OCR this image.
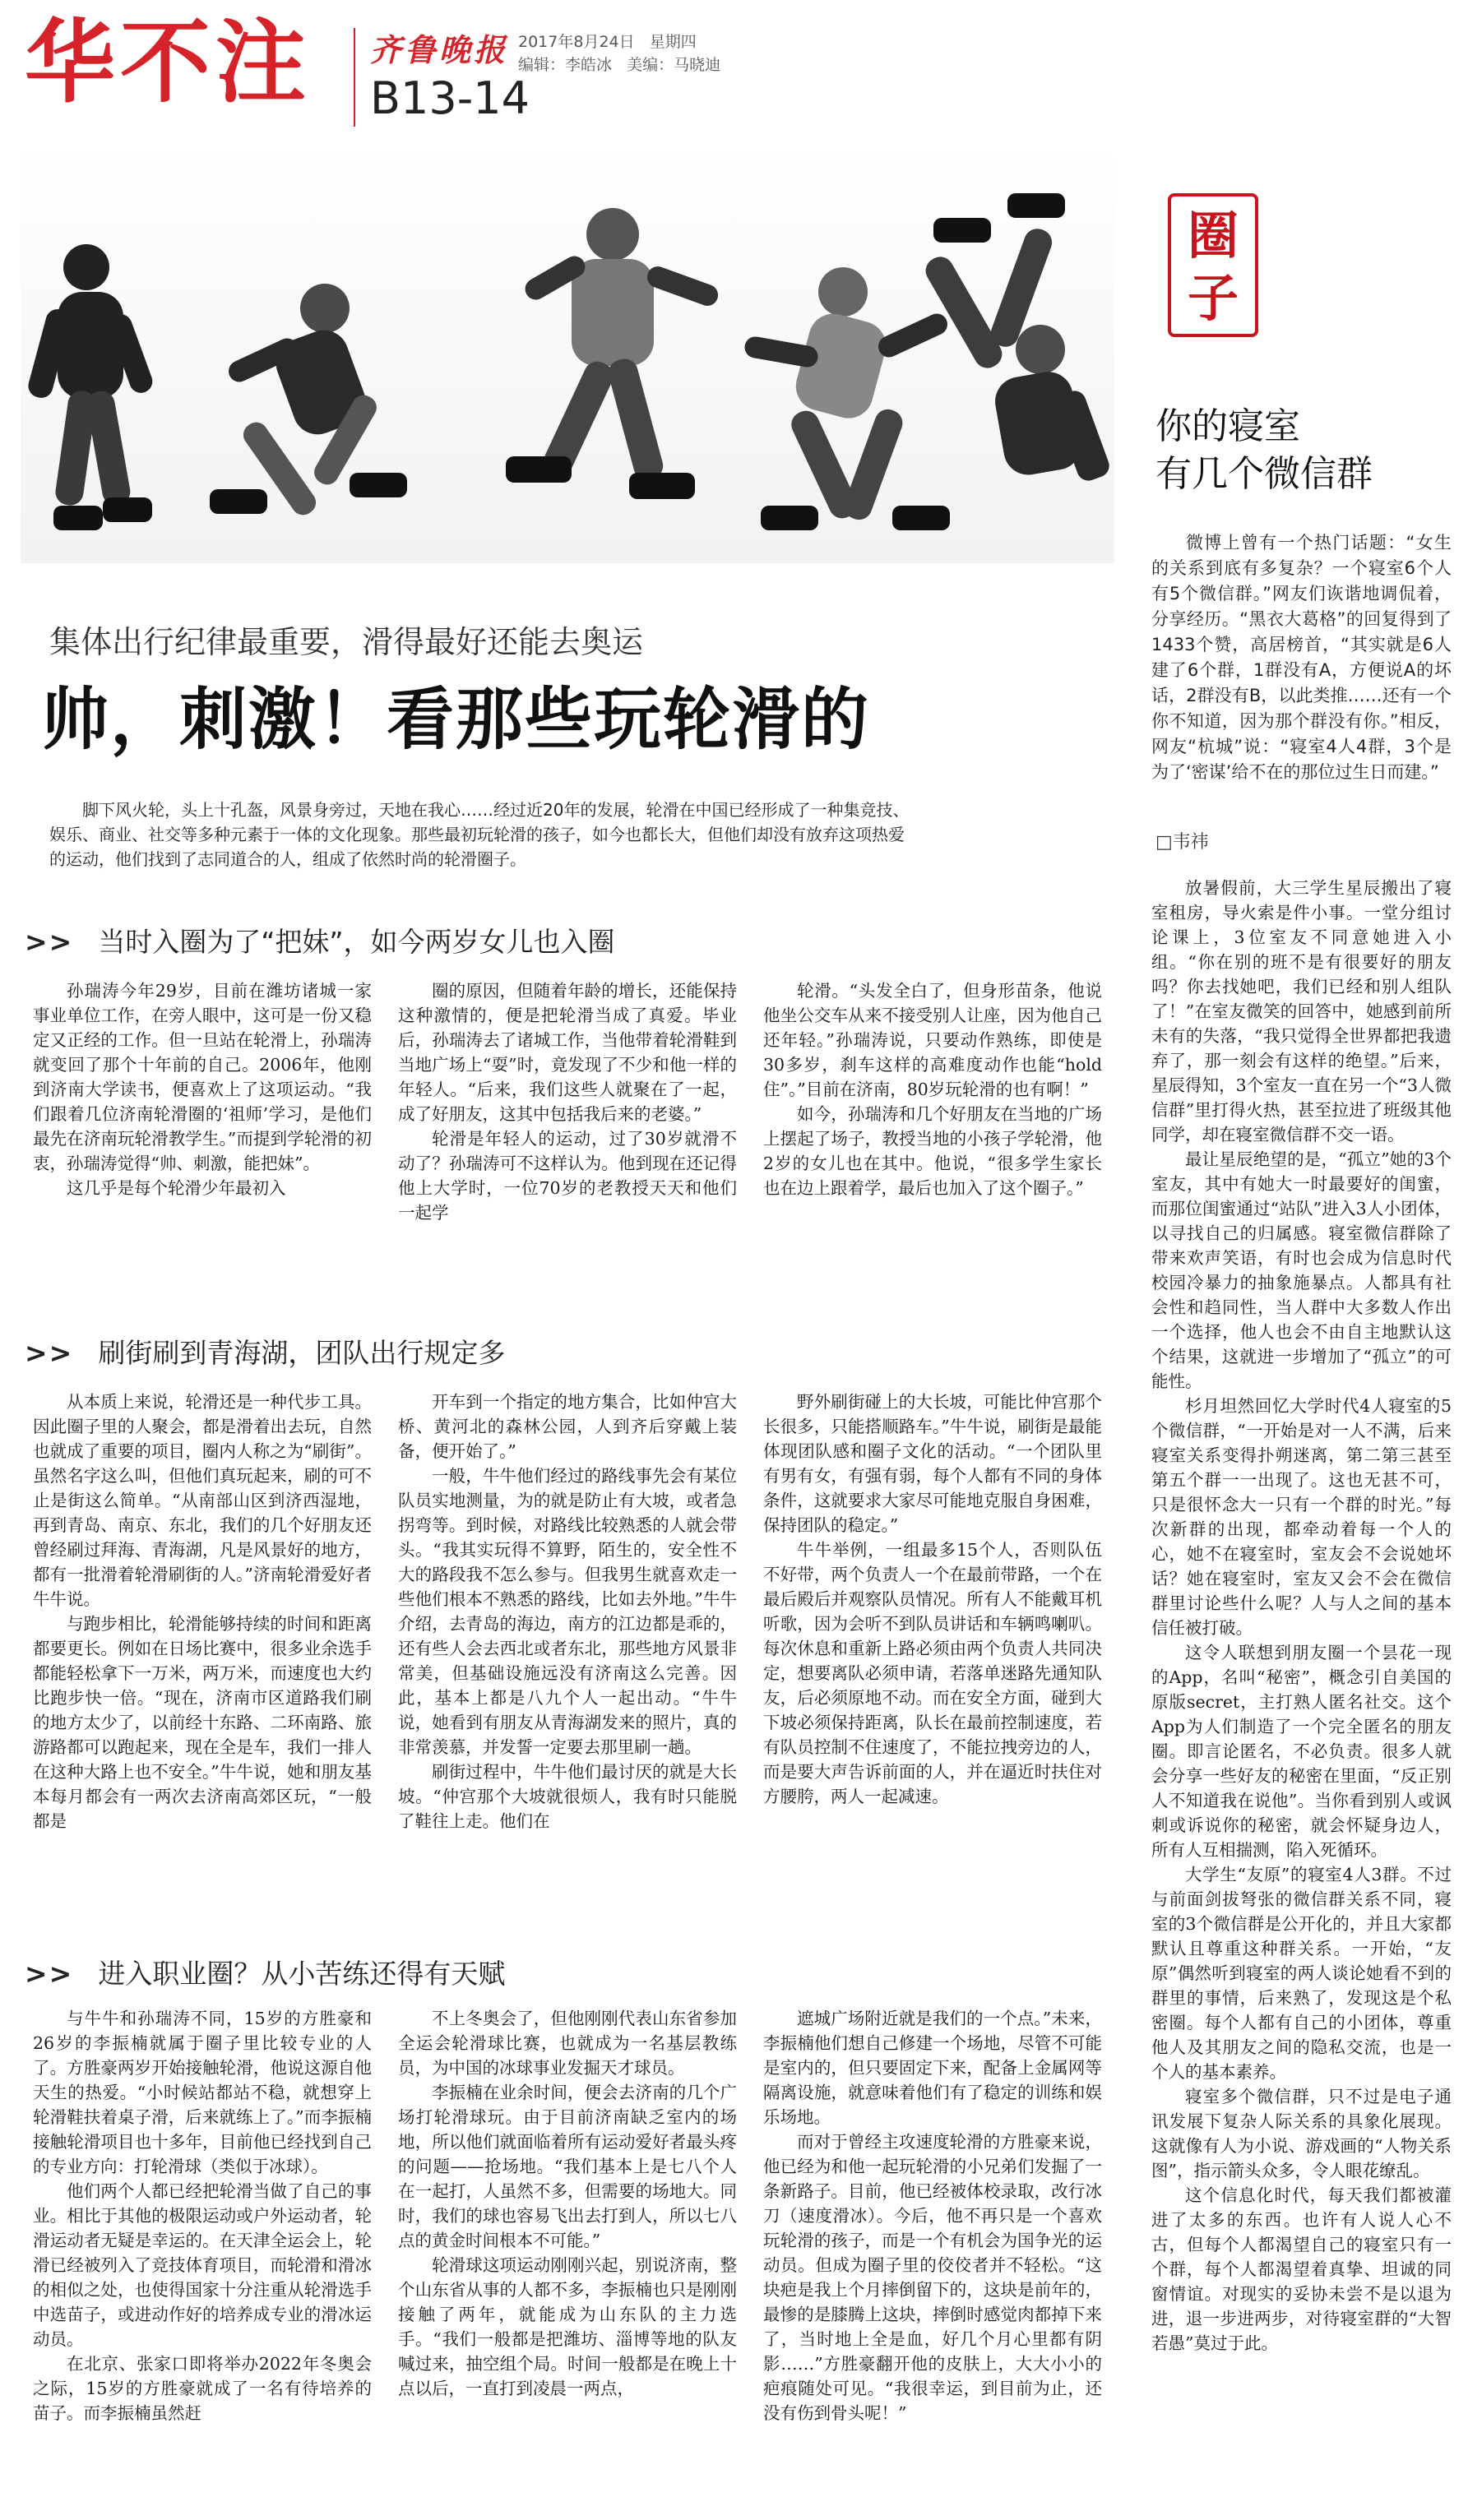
华不注 齐鲁晚报 2017年8月24日 星期四
编辑：李皓冰 美编：马晓迪
B13-14
集体出行纪律最重要，滑得最好还能去奥运
帅，刺激！看那些玩轮滑的

脚下风火轮，头上十孔盔，风景身旁过，天地在我心……经过近20年的发展，轮滑在中国已经形成了一种集竞技、娱乐、商业、社交等多种元素于一体的文化现象。那些最初玩轮滑的孩子，如今也都长大，但他们却没有放弃这项热爱的运动，他们找到了志同道合的人，组成了依然时尚的轮滑圈子。

>> 当时入圈为了“把妹”，如今两岁女儿也入圈

孙瑞涛今年29岁，目前在潍坊诸城一家事业单位工作，在旁人眼中，这可是一份又稳定又正经的工作。但一旦站在轮滑上，孙瑞涛就变回了那个十年前的自己。2006年，他刚到济南大学读书，便喜欢上了这项运动。“我们跟着几位济南轮滑圈的‘祖师’学习，是他们最先在济南玩轮滑教学生。”而提到学轮滑的初衷，孙瑞涛觉得“帅、刺激，能把妹”。

这几乎是每个轮滑少年最初入

圈的原因，但随着年龄的增长，还能保持这种激情的，便是把轮滑当成了真爱。毕业后，孙瑞涛去了诸城工作，当他带着轮滑鞋到当地广场上“耍”时，竟发现了不少和他一样的年轻人。“后来，我们这些人就聚在了一起，成了好朋友，这其中包括我后来的老婆。”

轮滑是年轻人的运动，过了30岁就滑不动了？孙瑞涛可不这样认为。他到现在还记得他上大学时，一位70岁的老教授天天和他们一起学

轮滑。“头发全白了，但身形苗条，他说他坐公交车从来不接受别人让座，因为他自己还年轻。”孙瑞涛说，只要动作熟练，即使是30多岁，刹车这样的高难度动作也能“hold住”。”目前在济南，80岁玩轮滑的也有啊！”

如今，孙瑞涛和几个好朋友在当地的广场上摆起了场子，教授当地的小孩子学轮滑，他2岁的女儿也在其中。他说，“很多学生家长也在边上跟着学，最后也加入了这个圈子。”

>> 刷街刷到青海湖，团队出行规定多

从本质上来说，轮滑还是一种代步工具。因此圈子里的人聚会，都是滑着出去玩，自然也就成了重要的项目，圈内人称之为“刷街”。虽然名字这么叫，但他们真玩起来，刷的可不止是街这么简单。“从南部山区到济西湿地，再到青岛、南京、东北，我们的几个好朋友还曾经刷过拜海、青海湖，凡是风景好的地方，都有一批滑着轮滑刷街的人。”济南轮滑爱好者牛牛说。

与跑步相比，轮滑能够持续的时间和距离都要更长。例如在日场比赛中，很多业余选手都能轻松拿下一万米，两万米，而速度也大约比跑步快一倍。“现在，济南市区道路我们刷的地方太少了，以前经十东路、二环南路、旅游路都可以跑起来，现在全是车，我们一排人在这种大路上也不安全。”牛牛说，她和朋友基本每月都会有一两次去济南高郊区玩，“一般都是

开车到一个指定的地方集合，比如仲宫大桥、黄河北的森林公园，人到齐后穿戴上装备，便开始了。”

一般，牛牛他们经过的路线事先会有某位队员实地测量，为的就是防止有大坡，或者急拐弯等。到时候，对路线比较熟悉的人就会带头。“我其实玩得不算野，陌生的，安全性不大的路段我不怎么参与。但我男生就喜欢走一些他们根本不熟悉的路线，比如去外地。”牛牛介绍，去青岛的海边，南方的江边都是乖的，还有些人会去西北或者东北，那些地方风景非常美，但基础设施远没有济南这么完善。因此，基本上都是八九个人一起出动。“牛牛说，她看到有朋友从青海湖发来的照片，真的非常羡慕，并发誓一定要去那里刷一趟。

刷街过程中，牛牛他们最讨厌的就是大长坡。“仲宫那个大坡就很烦人，我有时只能脱了鞋往上走。他们在

野外刷街碰上的大长坡，可能比仲宫那个长很多，只能搭顺路车。”牛牛说，刷街是最能体现团队感和圈子文化的活动。“一个团队里有男有女，有强有弱，每个人都有不同的身体条件，这就要求大家尽可能地克服自身困难，保持团队的稳定。”

牛牛举例，一组最多15个人，否则队伍不好带，两个负责人一个在最前带路，一个在最后殿后并观察队员情况。所有人不能戴耳机听歌，因为会听不到队员讲话和车辆鸣喇叭。每次休息和重新上路必须由两个负责人共同决定，想要离队必须申请，若落单迷路先通知队友，后必须原地不动。而在安全方面，碰到大下坡必须保持距离，队长在最前控制速度，若有队员控制不住速度了，不能拉拽旁边的人，而是要大声告诉前面的人，并在逼近时扶住对方腰胯，两人一起减速。

>> 进入职业圈？从小苦练还得有天赋

与牛牛和孙瑞涛不同，15岁的方胜豪和26岁的李振楠就属于圈子里比较专业的人了。方胜豪两岁开始接触轮滑，他说这源自他天生的热爱。“小时候站都站不稳，就想穿上轮滑鞋扶着桌子滑，后来就练上了。”而李振楠接触轮滑项目也十多年，目前他已经找到自己的专业方向：打轮滑球（类似于冰球）。

他们两个人都已经把轮滑当做了自己的事业。相比于其他的极限运动或户外运动者，轮滑运动者无疑是幸运的。在天津全运会上，轮滑已经被列入了竞技体育项目，而轮滑和滑冰的相似之处，也使得国家十分注重从轮滑选手中选苗子，或进动作好的培养成专业的滑冰运动员。

在北京、张家口即将举办2022年冬奥会之际，15岁的方胜豪就成了一名有待培养的苗子。而李振楠虽然赶

不上冬奥会了，但他刚刚代表山东省参加全运会轮滑球比赛，也就成为一名基层教练员，为中国的冰球事业发掘天才球员。

李振楠在业余时间，便会去济南的几个广场打轮滑球玩。由于目前济南缺乏室内的场地，所以他们就面临着所有运动爱好者最头疼的问题——抢场地。“我们基本上是七八个人在一起打，人虽然不多，但需要的场地大。同时，我们的球也容易飞出去打到人，所以七八点的黄金时间根本不可能。”

轮滑球这项运动刚刚兴起，别说济南，整个山东省从事的人都不多，李振楠也只是刚刚接触了两年，就能成为山东队的主力选手。“我们一般都是把潍坊、淄博等地的队友喊过来，抽空组个局。时间一般都是在晚上十点以后，一直打到凌晨一两点，

遮城广场附近就是我们的一个点。”未来，李振楠他们想自己修建一个场地，尽管不可能是室内的，但只要固定下来，配备上金属网等隔离设施，就意味着他们有了稳定的训练和娱乐场地。

而对于曾经主攻速度轮滑的方胜豪来说，他已经为和他一起玩轮滑的小兄弟们发掘了一条新路子。目前，他已经被体校录取，改行冰刀（速度滑冰）。今后，他不再只是一个喜欢玩轮滑的孩子，而是一个有机会为国争光的运动员。但成为圈子里的佼佼者并不轻松。“这块疤是我上个月摔倒留下的，这块是前年的，最惨的是膝腾上这块，摔倒时感觉肉都掉下来了，当时地上全是血，好几个月心里都有阴影……”方胜豪翻开他的皮肤上，大大小小的疤痕随处可见。“我很幸运，到目前为止，还没有伤到骨头呢！”

圈子
你的寝室
有几个微信群

微博上曾有一个热门话题：“女生的关系到底有多复杂？一个寝室6个人有5个微信群。”网友们诙谐地调侃着，分享经历。“黑衣大葛格”的回复得到了1433个赞，高居榜首，“其实就是6人建了6个群，1群没有A，方便说A的坏话，2群没有B，以此类推……还有一个你不知道，因为那个群没有你。”相反，网友“杭城”说：“寝室4人4群，3个是为了‘密谋’给不在的那位过生日而建。”

□韦祎

放暑假前，大三学生星辰搬出了寝室租房，导火索是件小事。一堂分组讨论课上，3位室友不同意她进入小组。“你在别的班不是有很要好的朋友吗？你去找她吧，我们已经和别人组队了！”在室友微笑的回答中，她感到前所未有的失落，“我只觉得全世界都把我遗弃了，那一刻会有这样的绝望。”后来，星辰得知，3个室友一直在另一个“3人微信群”里打得火热，甚至拉进了班级其他同学，却在寝室微信群不交一语。

最让星辰绝望的是，“孤立”她的3个室友，其中有她大一时最要好的闺蜜，而那位闺蜜通过“站队”进入3人小团体，以寻找自己的归属感。寝室微信群除了带来欢声笑语，有时也会成为信息时代校园冷暴力的抽象施暴点。人都具有社会性和趋同性，当人群中大多数人作出一个选择，他人也会不由自主地默认这个结果，这就进一步增加了“孤立”的可能性。

杉月坦然回忆大学时代4人寝室的5个微信群，“一开始是对一人不满，后来寝室关系变得扑朔迷离，第二第三甚至第五个群一一出现了。这也无甚不可，只是很怀念大一只有一个群的时光。”每次新群的出现，都牵动着每一个人的心，她不在寝室时，室友会不会说她坏话？她在寝室时，室友又会不会在微信群里讨论些什么呢？人与人之间的基本信任被打破。

这令人联想到朋友圈一个昙花一现的App，名叫“秘密”，概念引自美国的原版secret，主打熟人匿名社交。这个App为人们制造了一个完全匿名的朋友圈。即言论匿名，不必负责。很多人就会分享一些好友的秘密在里面，“反正别人不知道我在说他”。当你看到别人或讽刺或诉说你的秘密，就会怀疑身边人，所有人互相揣测，陷入死循环。

大学生“友原”的寝室4人3群。不过与前面剑拔弩张的微信群关系不同，寝室的3个微信群是公开化的，并且大家都默认且尊重这种群关系。一开始，“友原”偶然听到寝室的两人谈论她看不到的群里的事情，后来熟了，发现这是个私密圈。每个人都有自己的小团体，尊重他人及其朋友之间的隐私交流，也是一个人的基本素养。

寝室多个微信群，只不过是电子通讯发展下复杂人际关系的具象化展现。这就像有人为小说、游戏画的“人物关系图”，指示箭头众多，令人眼花缭乱。

这个信息化时代，每天我们都被灌进了太多的东西。也许有人说人心不古，但每个人都渴望自己的寝室只有一个群，每个人都渴望着真挚、坦诚的同窗情谊。对现实的妥协未尝不是以退为进，退一步进两步，对待寝室群的“大智若愚”莫过于此。
